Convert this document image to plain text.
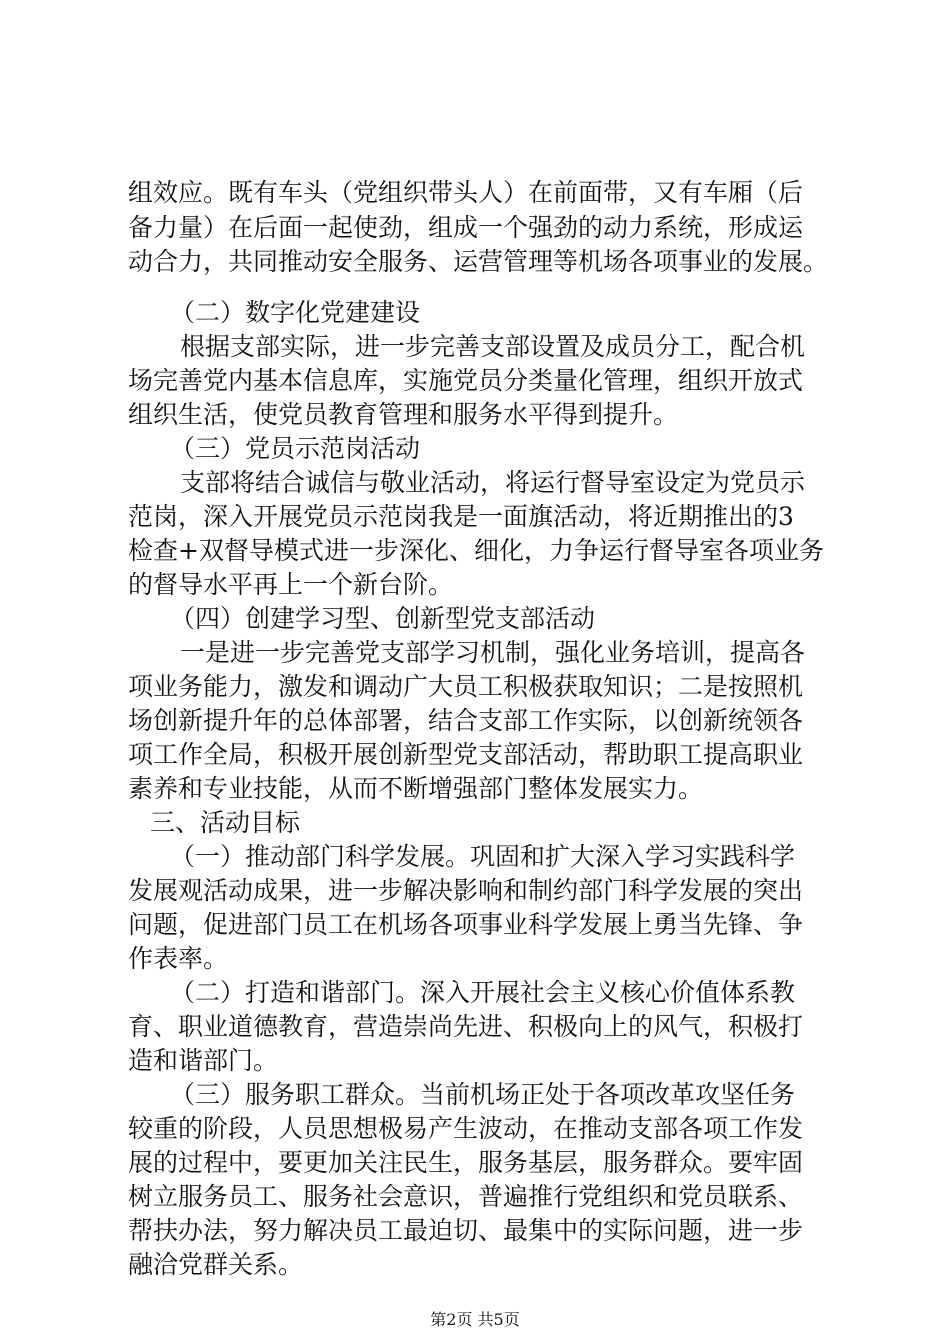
组效应。既有车头（党组织带头人）在前面带，又有车厢（后
备力量）在后面一起使劲，组成一个强劲的动力系统，形成运
动合力，共同推动安全服务、运营管理等机场各项事业的发展。
（二）数字化党建建设
根据支部实际，进一步完善支部设置及成员分工，配合机
场完善党内基本信息库，实施党员分类量化管理，组织开放式
组织生活，使党员教育管理和服务水平得到提升。
（三）党员示范岗活动
支部将结合诚信与敬业活动，将运行督导室设定为党员示
范岗，深入开展党员示范岗我是一面旗活动，将近期推出的3
检查+双督导模式进一步深化、细化，力争运行督导室各项业务
的督导水平再上一个新台阶。
（四）创建学习型、创新型党支部活动
一是进一步完善党支部学习机制，强化业务培训，提高各
项业务能力，激发和调动广大员工积极获取知识；二是按照机
场创新提升年的总体部署，结合支部工作实际，以创新统领各
项工作全局，积极开展创新型党支部活动，帮助职工提高职业
素养和专业技能，从而不断增强部门整体发展实力。
三、活动目标
（一）推动部门科学发展。巩固和扩大深入学习实践科学
发展观活动成果，进一步解决影响和制约部门科学发展的突出
问题，促进部门员工在机场各项事业科学发展上勇当先锋、争
作表率。
（二）打造和谐部门。深入开展社会主义核心价值体系教
育、职业道德教育，营造崇尚先进、积极向上的风气，积极打
造和谐部门。
（三）服务职工群众。当前机场正处于各项改革攻坚任务
较重的阶段，人员思想极易产生波动，在推动支部各项工作发
展的过程中，要更加关注民生，服务基层，服务群众。要牢固
树立服务员工、服务社会意识，普遍推行党组织和党员联系、
帮扶办法，努力解决员工最迫切、最集中的实际问题，进一步
融洽党群关系。
第2页 共5页
